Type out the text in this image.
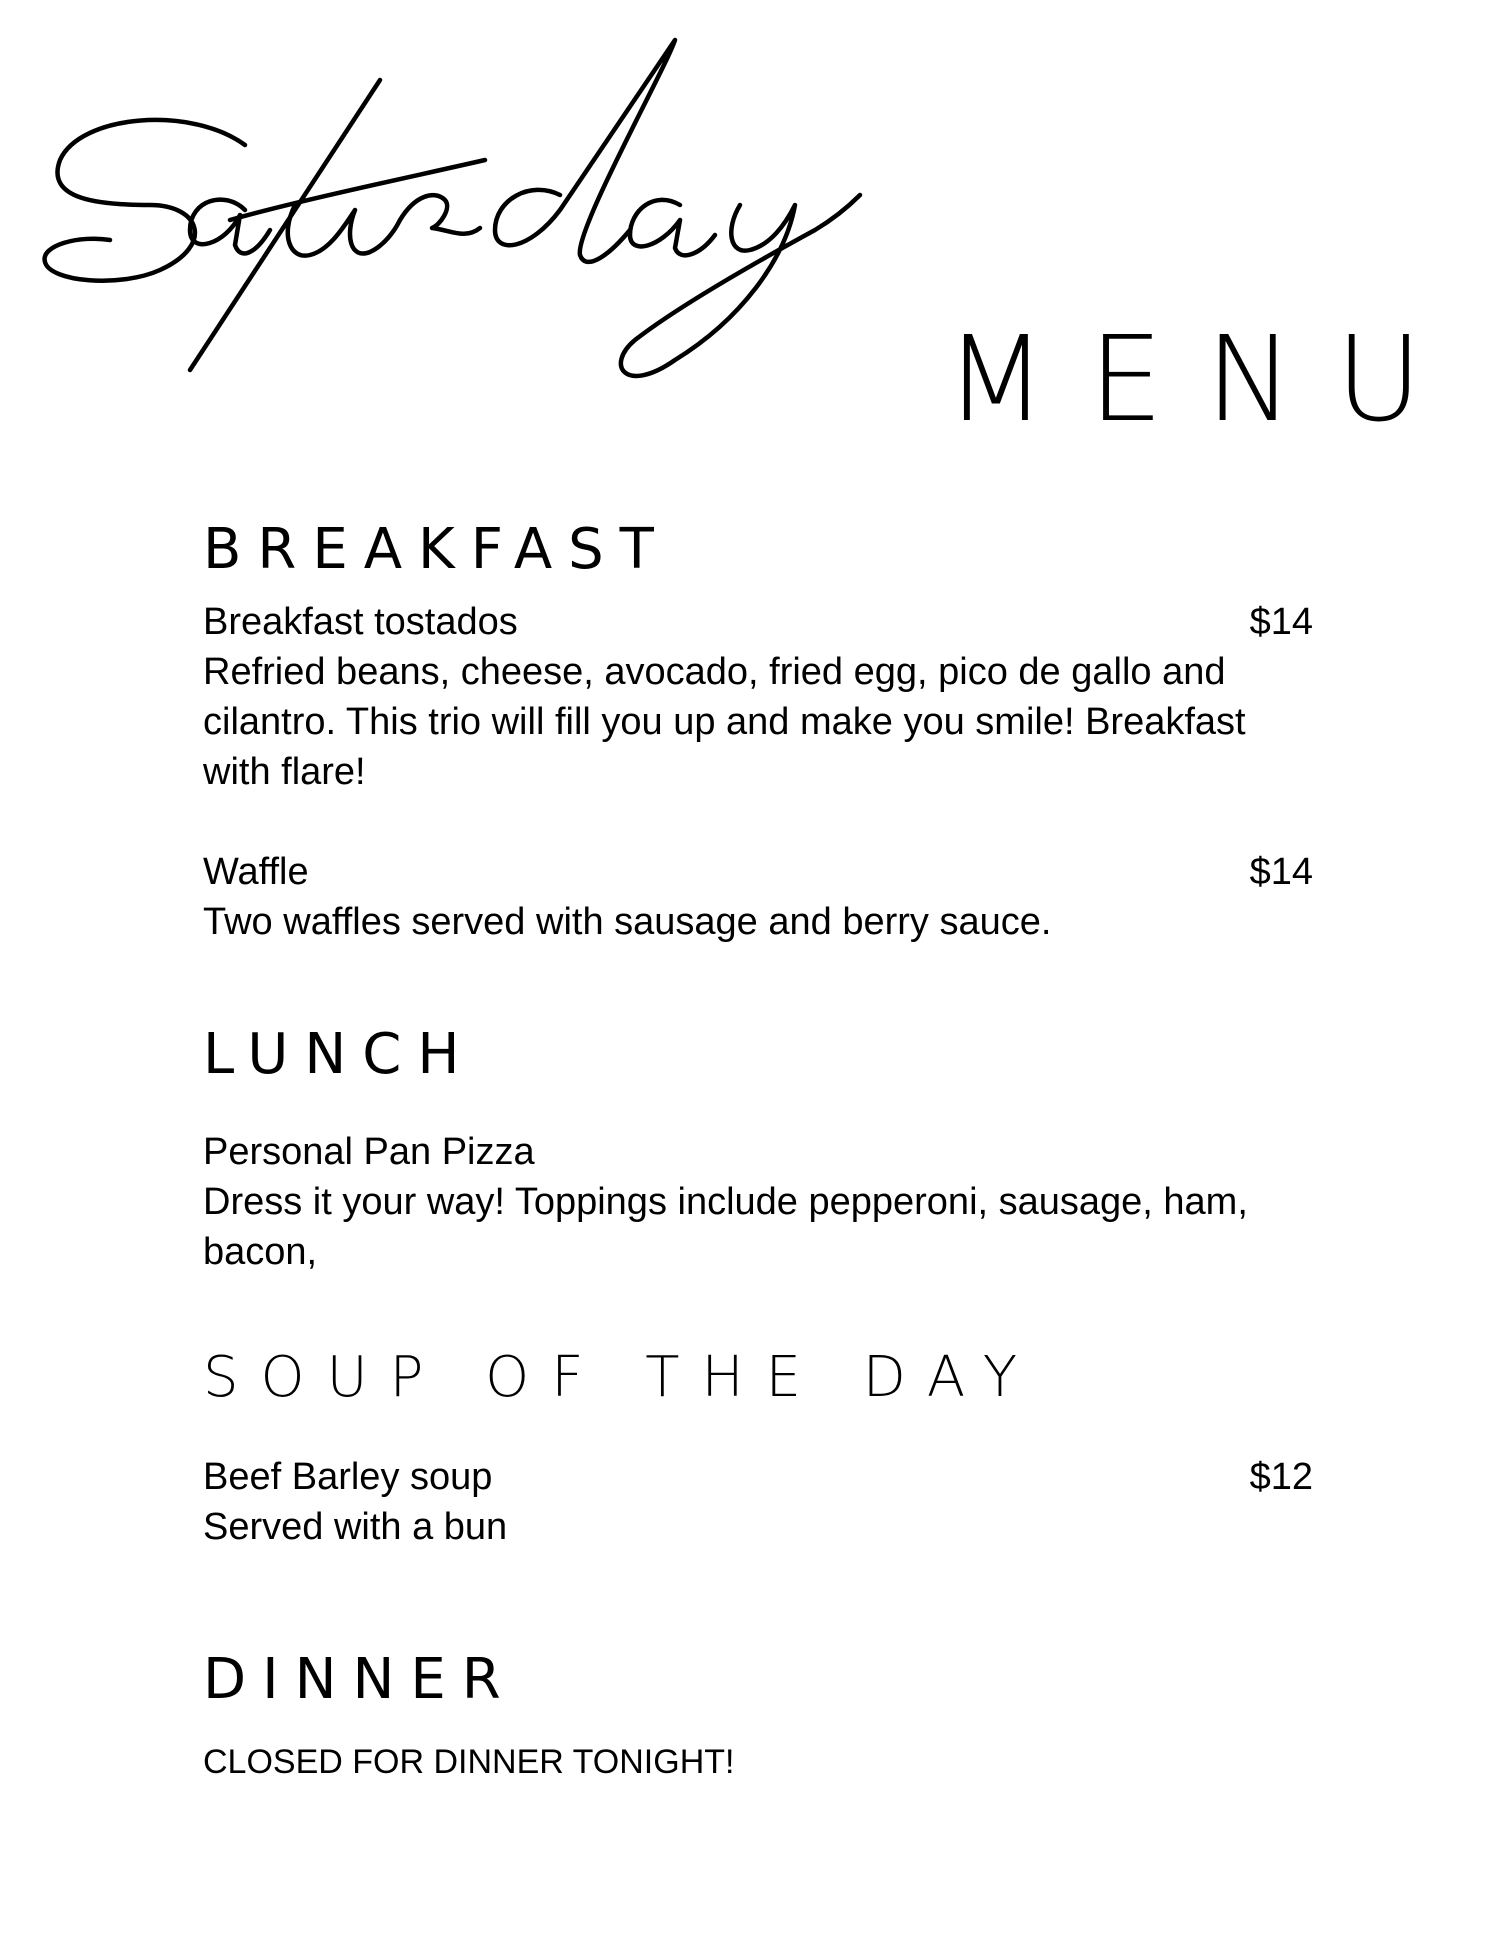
MENU
BREAKFAST
Breakfast tostados	$14
Refried beans, cheese, avocado, fried egg, pico de gallo and cilantro. This trio will fill you up and make you smile! Breakfast with flare!
Waffle	$14
Two waffles served with sausage and berry sauce.
LUNCH
Personal Pan Pizza
Dress it your way! Toppings include pepperoni, sausage, ham, bacon,
SOUP OF THE DAY
Beef Barley soup	$12
Served with a bun
DINNER
CLOSED FOR DINNER TONIGHT!
